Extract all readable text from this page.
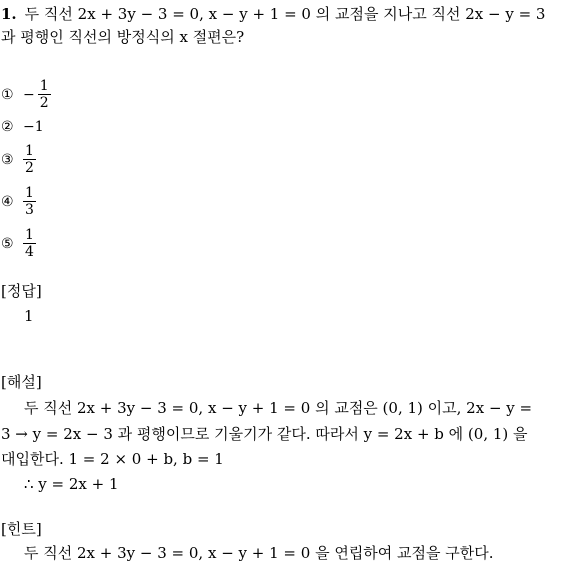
1. 두 직선 2x + 3y − 3 = 0, x − y + 1 = 0 의 교점을 지나고 직선 2x − y = 3
과 평행인 직선의 방정식의 x 절편은?
① − $\frac{1}{2}$
② −1
③ $\frac{1}{2}$
④ $\frac{1}{3}$
⑤ $\frac{1}{4}$
[정답]
1
[해설]
두 직선 2x + 3y − 3 = 0, x − y + 1 = 0 의 교점은 (0, 1) 이고, 2x − y =
3 → y = 2x − 3 과 평행이므로 기울기가 같다. 따라서 y = 2x + b 에 (0, 1) 을
대입한다. 1 = 2 × 0 + b, b = 1
∴ y = 2x + 1
[힌트]
두 직선 2x + 3y − 3 = 0, x − y + 1 = 0 을 연립하여 교점을 구한다.
